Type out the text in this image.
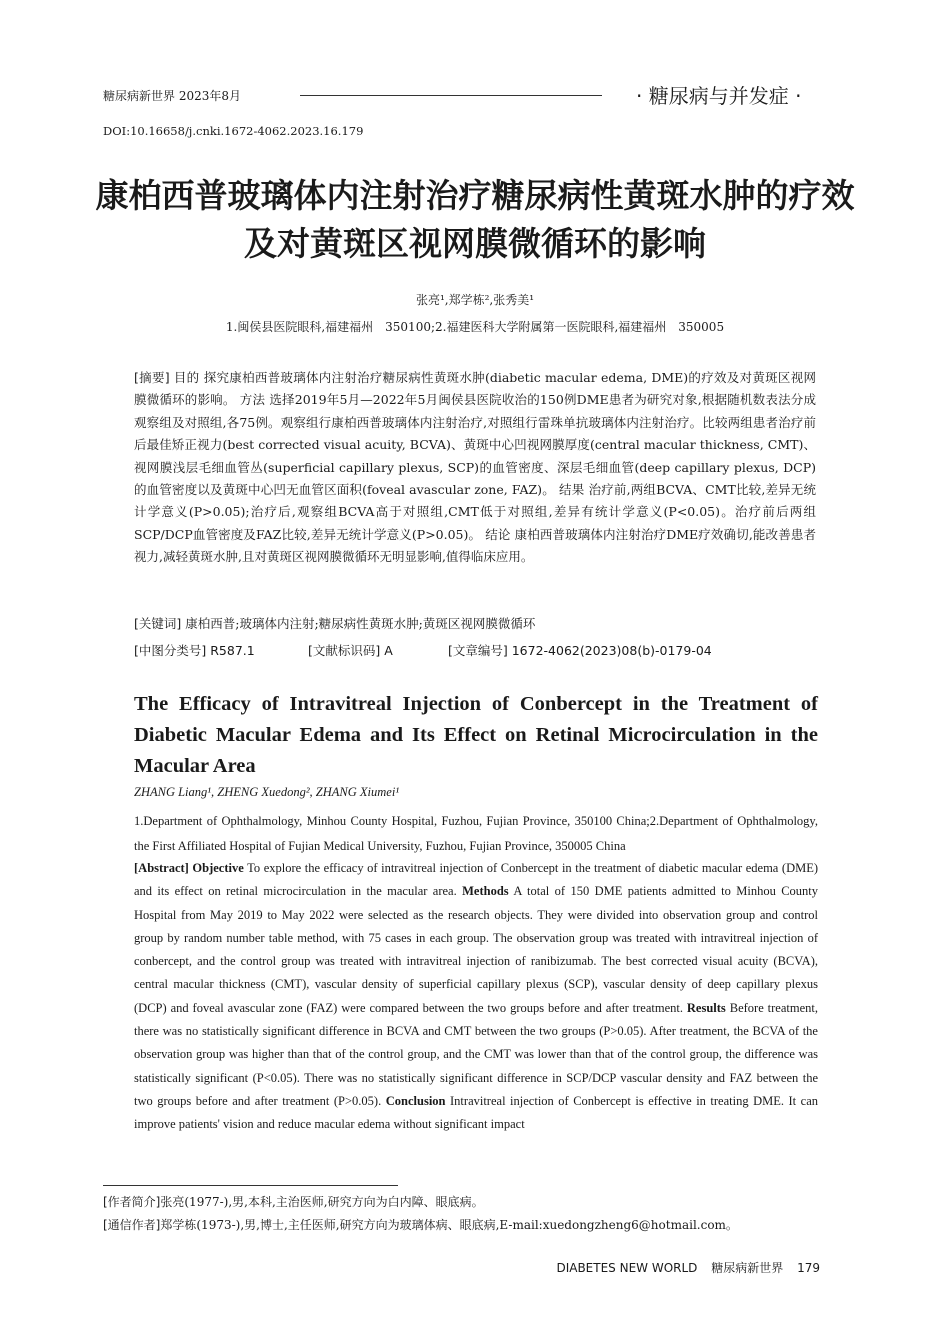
糖尿病新世界 2023年8月	· 糖尿病与并发症 ·
DOI:10.16658/j.cnki.1672-4062.2023.16.179
康柏西普玻璃体内注射治疗糖尿病性黄斑水肿的疗效及对黄斑区视网膜微循环的影响
张亮¹,郑学栋²,张秀美¹
1.闽侯县医院眼科,福建福州　350100;2.福建医科大学附属第一医院眼科,福建福州　350005
[摘要] 目的 探究康柏西普玻璃体内注射治疗糖尿病性黄斑水肿(diabetic macular edema, DME)的疗效及对黄斑区视网膜微循环的影响。 方法 选择2019年5月—2022年5月闽侯县医院收治的150例DME患者为研究对象,根据随机数表法分成观察组及对照组,各75例。观察组行康柏西普玻璃体内注射治疗,对照组行雷珠单抗玻璃体内注射治疗。比较两组患者治疗前后最佳矫正视力(best corrected visual acuity, BCVA)、黄斑中心凹视网膜厚度(central macular thickness, CMT)、视网膜浅层毛细血管丛(superficial capillary plexus, SCP)的血管密度、深层毛细血管(deep capillary plexus, DCP)的血管密度以及黄斑中心凹无血管区面积(foveal avascular zone, FAZ)。 结果 治疗前,两组BCVA、CMT比较,差异无统计学意义(P>0.05);治疗后,观察组BCVA高于对照组,CMT低于对照组,差异有统计学意义(P<0.05)。治疗前后两组SCP/DCP血管密度及FAZ比较,差异无统计学意义(P>0.05)。 结论 康柏西普玻璃体内注射治疗DME疗效确切,能改善患者视力,减轻黄斑水肿,且对黄斑区视网膜微循环无明显影响,值得临床应用。
[关键词] 康柏西普;玻璃体内注射;糖尿病性黄斑水肿;黄斑区视网膜微循环
[中图分类号] R587.1	[文献标识码] A	[文章编号] 1672-4062(2023)08(b)-0179-04
The Efficacy of Intravitreal Injection of Conbercept in the Treatment of Diabetic Macular Edema and Its Effect on Retinal Microcirculation in the Macular Area
ZHANG Liang¹, ZHENG Xuedong², ZHANG Xiumei¹
1.Department of Ophthalmology, Minhou County Hospital, Fuzhou, Fujian Province, 350100 China;2.Department of Ophthalmology, the First Affiliated Hospital of Fujian Medical University, Fuzhou, Fujian Province, 350005 China
[Abstract] Objective To explore the efficacy of intravitreal injection of Conbercept in the treatment of diabetic macular edema (DME) and its effect on retinal microcirculation in the macular area. Methods A total of 150 DME patients admitted to Minhou County Hospital from May 2019 to May 2022 were selected as the research objects. They were divided into observation group and control group by random number table method, with 75 cases in each group. The observation group was treated with intravitreal injection of conbercept, and the control group was treated with intravitreal injection of ranibizumab. The best corrected visual acuity (BCVA), central macular thickness (CMT), vascular density of superficial capillary plexus (SCP), vascular density of deep capillary plexus (DCP) and foveal avascular zone (FAZ) were compared between the two groups before and after treatment. Results Before treatment, there was no statistically significant difference in BCVA and CMT between the two groups (P>0.05). After treatment, the BCVA of the observation group was higher than that of the control group, and the CMT was lower than that of the control group, the difference was statistically significant (P<0.05). There was no statistically significant difference in SCP/DCP vascular density and FAZ between the two groups before and after treatment (P>0.05). Conclusion Intravitreal injection of Conbercept is effective in treating DME. It can improve patients' vision and reduce macular edema without significant impact
[作者简介]张亮(1977-),男,本科,主治医师,研究方向为白内障、眼底病。
[通信作者]郑学栋(1973-),男,博士,主任医师,研究方向为玻璃体病、眼底病,E-mail:xuedongzheng6@hotmail.com。
DIABETES NEW WORLD 糖尿病新世界 179
